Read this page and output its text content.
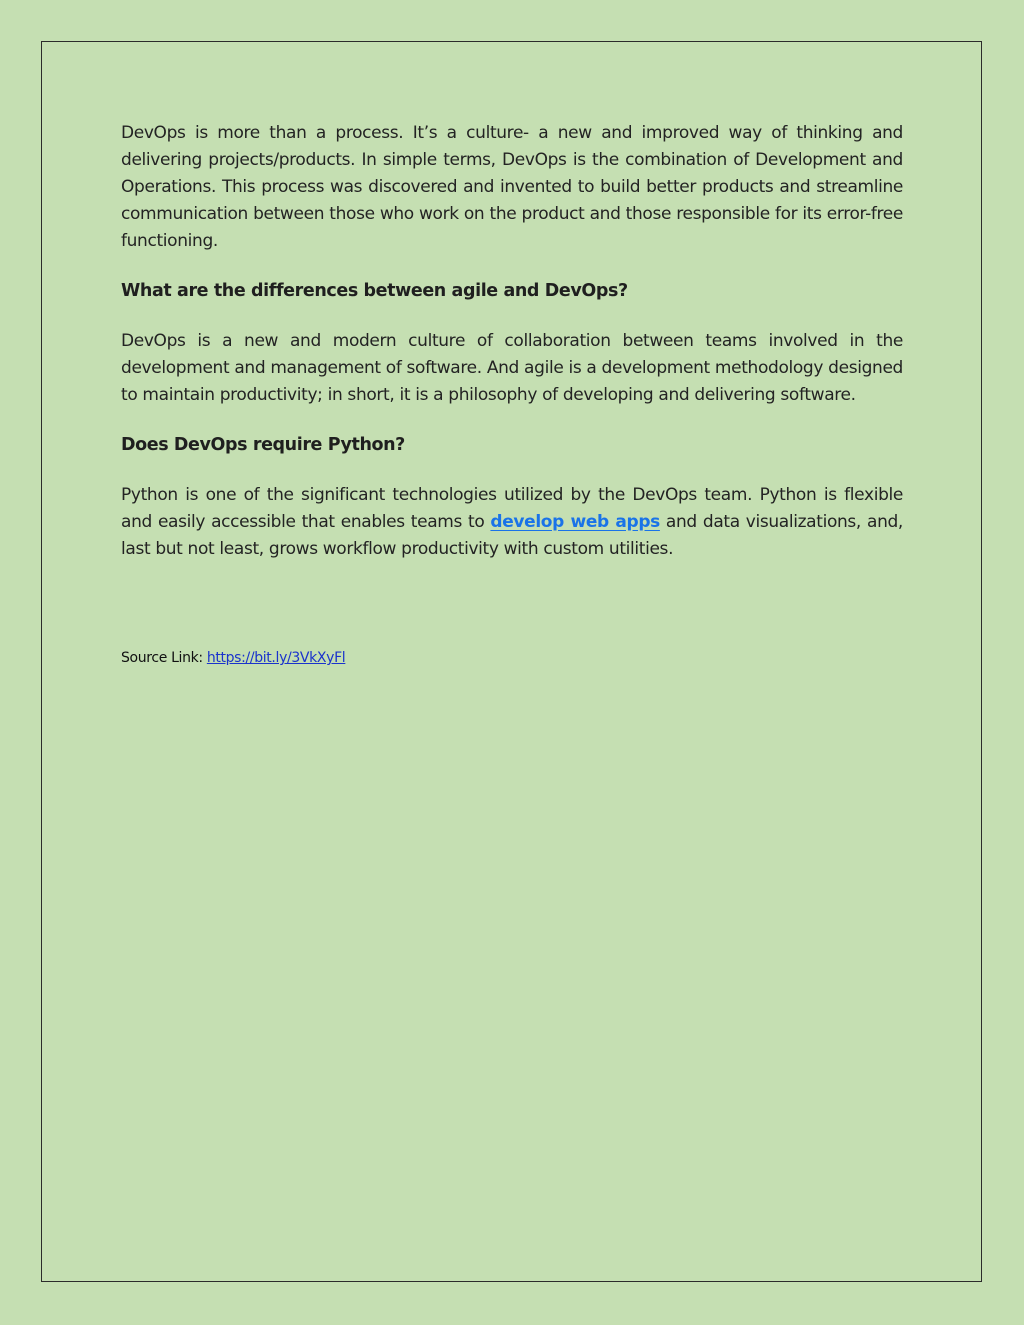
DevOps is more than a process. It’s a culture- a new and improved way of thinking and delivering projects/products. In simple terms, DevOps is the combination of Development and Operations. This process was discovered and invented to build better products and streamline communication between those who work on the product and those responsible for its error-free functioning.

What are the differences between agile and DevOps?

DevOps is a new and modern culture of collaboration between teams involved in the development and management of software. And agile is a development methodology designed to maintain productivity; in short, it is a philosophy of developing and delivering software.

Does DevOps require Python?

Python is one of the significant technologies utilized by the DevOps team. Python is flexible and easily accessible that enables teams to develop web apps and data visualizations, and, last but not least, grows workflow productivity with custom utilities.

Source Link: https://bit.ly/3VkXyFl
